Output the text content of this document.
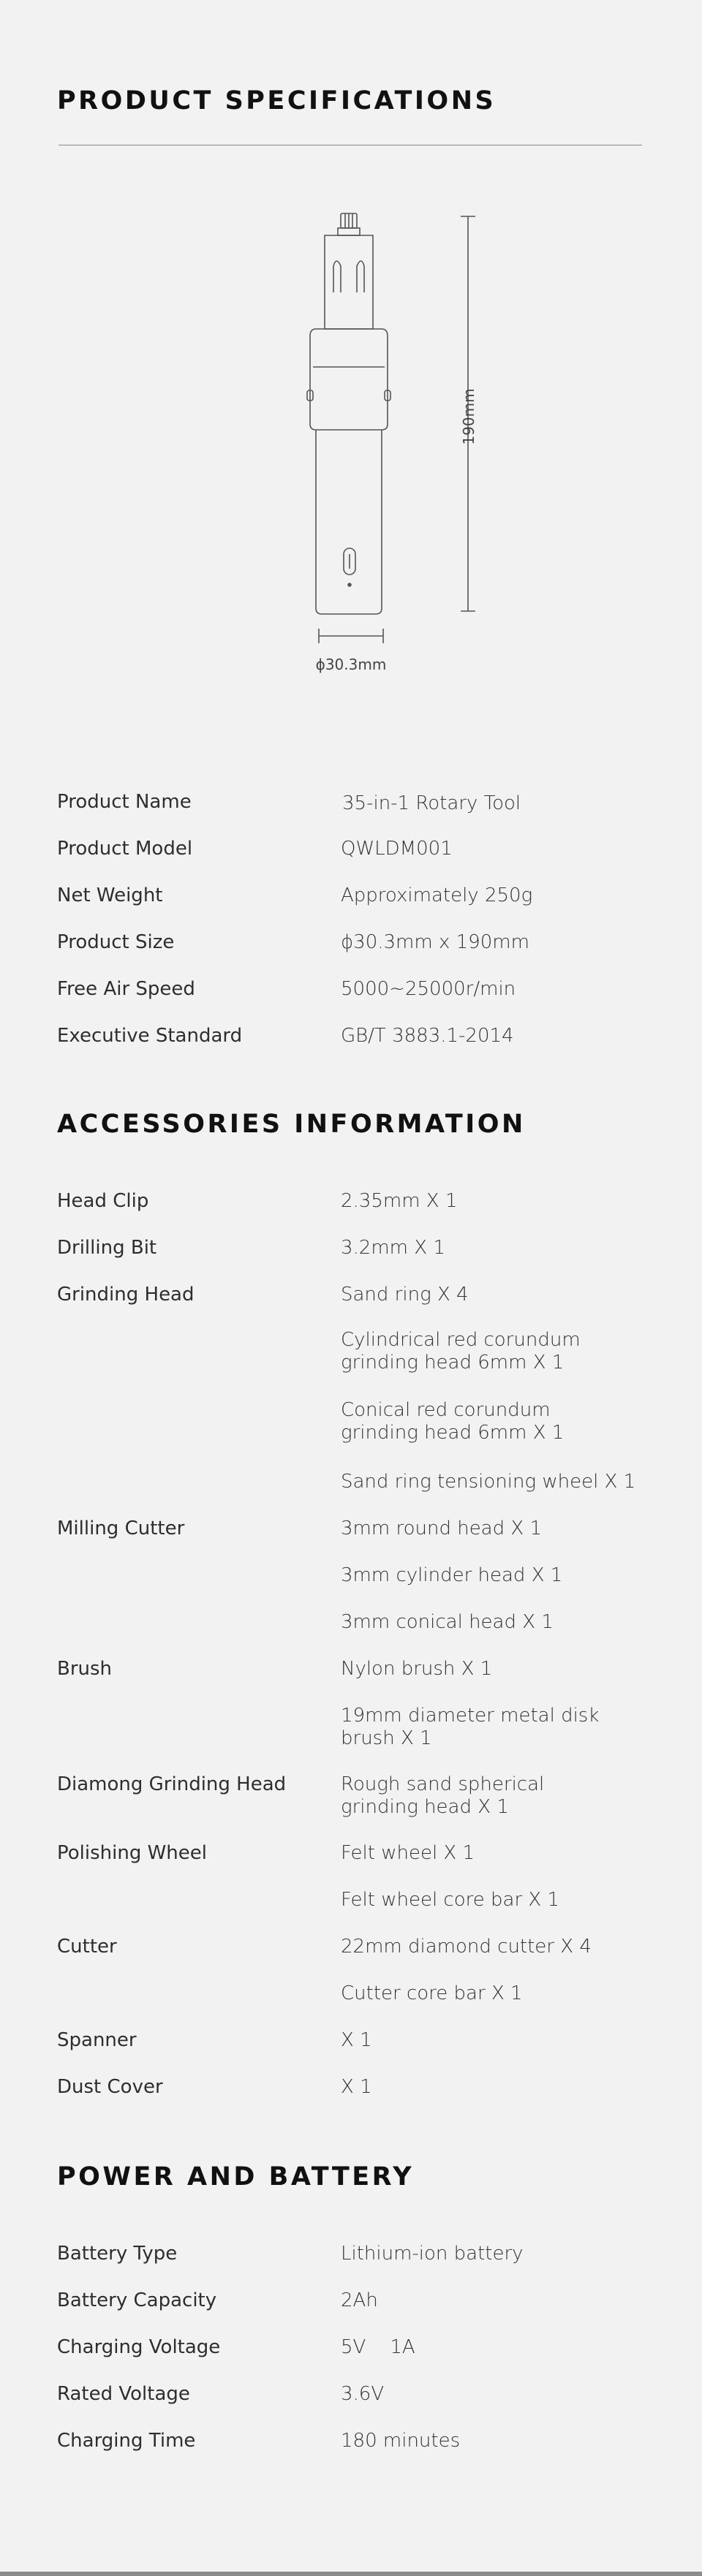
PRODUCT SPECIFICATIONS
190mm
ϕ30.3mm
Product Name	35-in-1 Rotary Tool
Product Model	QWLDM001
Net Weight	Approximately 250g
Product Size	ϕ30.3mm x 190mm
Free Air Speed	5000~25000r/min
Executive Standard	GB/T 3883.1-2014
ACCESSORIES INFORMATION
Head Clip	2.35mm X 1
Drilling Bit	3.2mm X 1
Grinding Head	Sand ring X 4
Cylindrical red corundum grinding head 6mm X 1
Conical red corundum grinding head 6mm X 1
Sand ring tensioning wheel X 1
Milling Cutter	3mm round head X 1
3mm cylinder head X 1
3mm conical head X 1
Brush	Nylon brush X 1
19mm diameter metal disk brush X 1
Diamong Grinding Head	Rough sand spherical grinding head X 1
Polishing Wheel	Felt wheel X 1
Felt wheel core bar X 1
Cutter	22mm diamond cutter X 4
Cutter core bar X 1
Spanner	X 1
Dust Cover	X 1
POWER AND BATTERY
Battery Type	Lithium-ion battery
Battery Capacity	2Ah
Charging Voltage	5V    1A
Rated Voltage	3.6V
Charging Time	180 minutes
